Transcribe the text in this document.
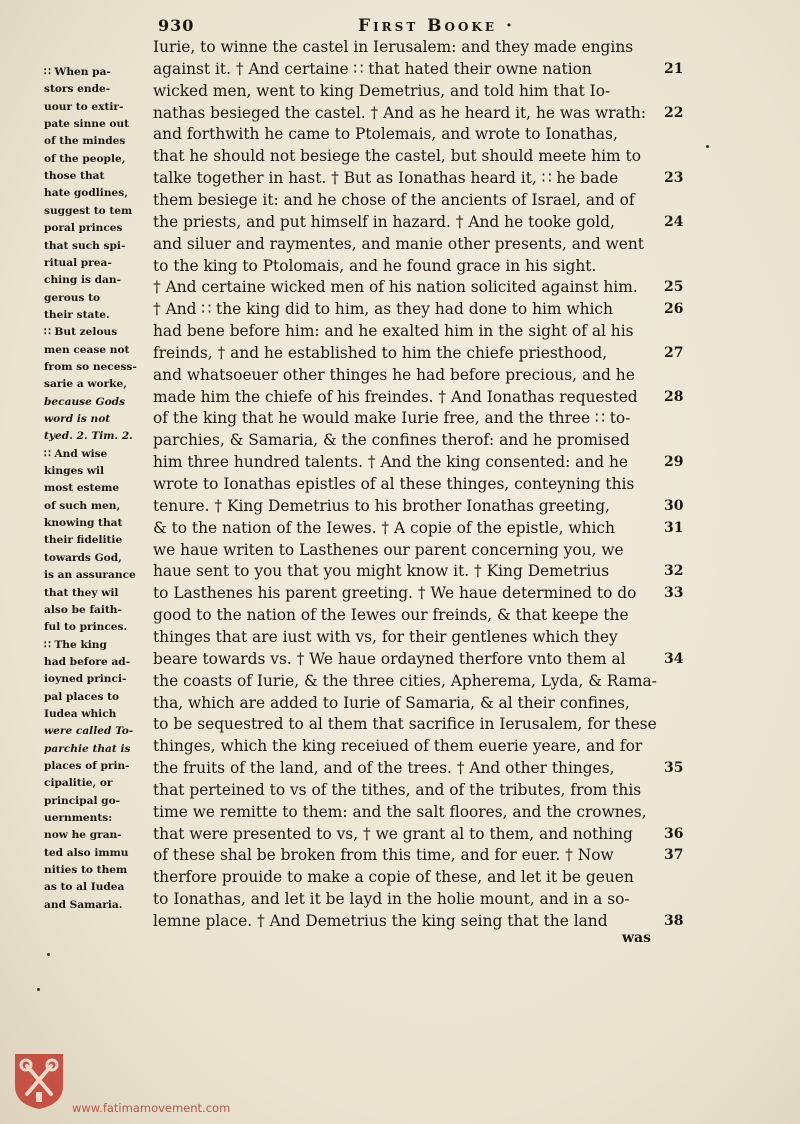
930	First Booke ·
Iurie, to winne the castel in Ierusalem: and they made engins
against it. † And certaine ∷ that hated their owne nation
wicked men, went to king Demetrius, and told him that Io-
nathas besieged the castel. † And as he heard it, he was wrath:
and forthwith he came to Ptolemais, and wrote to Ionathas,
that he should not besiege the castel, but should meete him to
talke together in hast. † But as Ionathas heard it, ∷ he bade
them besiege it: and he chose of the ancients of Israel, and of
the priests, and put himself in hazard. † And he tooke gold,
and siluer and raymentes, and manie other presents, and went
to the king to Ptolomais, and he found grace in his sight.
† And certaine wicked men of his nation solicited against him.
† And ∷ the king did to him, as they had done to him which
had bene before him: and he exalted him in the sight of al his
freinds, † and he established to him the chiefe priesthood,
and whatsoeuer other thinges he had before precious, and he
made him the chiefe of his freindes. † And Ionathas requested
of the king that he would make Iurie free, and the three ∷ to-
parchies, & Samaria, & the confines therof: and he promised
him three hundred talents. † And the king consented: and he
wrote to Ionathas epistles of al these thinges, conteyning this
tenure. † King Demetrius to his brother Ionathas greeting,
& to the nation of the Iewes. † A copie of the epistle, which
we haue writen to Lasthenes our parent concerning you, we
haue sent to you that you might know it. † King Demetrius
to Lasthenes his parent greeting. † We haue determined to do
good to the nation of the Iewes our freinds, & that keepe the
thinges that are iust with vs, for their gentlenes which they
beare towards vs. † We haue ordayned therfore vnto them al
the coasts of Iurie, & the three cities, Apherema, Lyda, & Rama-
tha, which are added to Iurie of Samaria, & al their confines,
to be sequestred to al them that sacrifice in Ierusalem, for these
thinges, which the king receiued of them euerie yeare, and for
the fruits of the land, and of the trees. † And other thinges,
that perteined to vs of the tithes, and of the tributes, from this
time we remitte to them: and the salt floores, and the crownes,
that were presented to vs, † we grant al to them, and nothing
of these shal be broken from this time, and for euer. † Now
therfore prouide to make a copie of these, and let it be geuen
to Ionathas, and let it be layd in the holie mount, and in a so-
lemne place. † And Demetrius the king seing that the land
21
22
23
24
25
26
27
28
29
30
31
32
33
34
35
36
37
38
∷ When pa-
stors ende-
uour to extir-
pate sinne out
of the mindes
of the people,
those that
hate godlines,
suggest to tem
poral princes
that such spi-
ritual prea-
ching is dan-
gerous to
their state.
∷ But zelous
men cease not
from so necess-
sarie a worke,
because Gods
word is not
tyed. 2. Tim. 2.
∷ And wise
kinges wil
most esteme
of such men,
knowing that
their fidelitie
towards God,
is an assurance
that they wil
also be faith-
ful to princes.
∷ The king
had before ad-
ioyned princi-
pal places to
Iudea which
were called To-
parchie that is
places of prin-
cipalitie, or
principal go-
uernments:
now he gran-
ted also immu
nities to them
as to al Iudea
and Samaria.
was
www.fatimamovement.com
